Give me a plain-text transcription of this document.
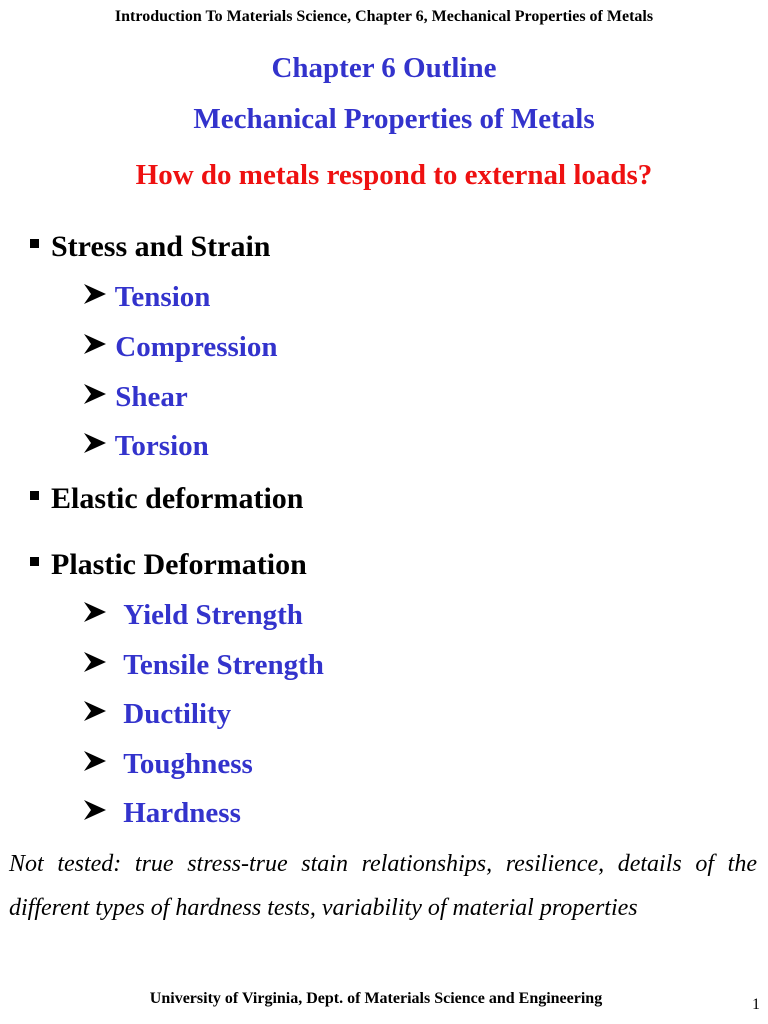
Introduction To Materials Science, Chapter 6, Mechanical Properties of Metals
Chapter 6 Outline
Mechanical Properties of Metals
How do metals respond to external loads?
Stress and Strain
Tension
Compression
Shear
Torsion
Elastic deformation
Plastic Deformation
Yield Strength
Tensile Strength
Ductility
Toughness
Hardness
Not tested: true stress-true stain relationships, resilience, details of the different types of hardness tests, variability of material properties
University of Virginia, Dept. of Materials Science and Engineering	1
